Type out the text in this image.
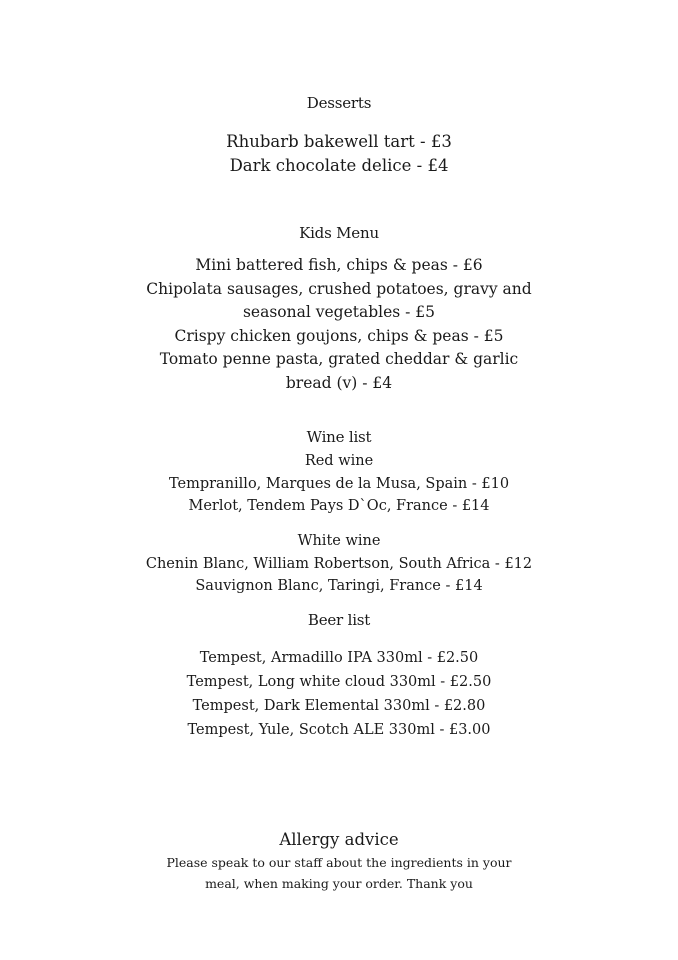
Desserts
Rhubarb bakewell tart - £3
Dark chocolate delice - £4
Kids Menu
Mini battered fish, chips & peas - £6
Chipolata sausages, crushed potatoes, gravy and
seasonal vegetables - £5
Crispy chicken goujons, chips & peas - £5
Tomato penne pasta, grated cheddar & garlic
bread (v) - £4
Wine list
Red wine
Tempranillo, Marques de la Musa, Spain - £10
Merlot, Tendem Pays D`Oc, France - £14
White wine
Chenin Blanc, William Robertson, South Africa - £12
Sauvignon Blanc, Taringi, France - £14
Beer list
Tempest, Armadillo IPA 330ml - £2.50
Tempest, Long white cloud 330ml - £2.50
Tempest, Dark Elemental 330ml - £2.80
Tempest, Yule, Scotch ALE 330ml - £3.00
Allergy advice
Please speak to our staff about the ingredients in your
meal, when making your order. Thank you
